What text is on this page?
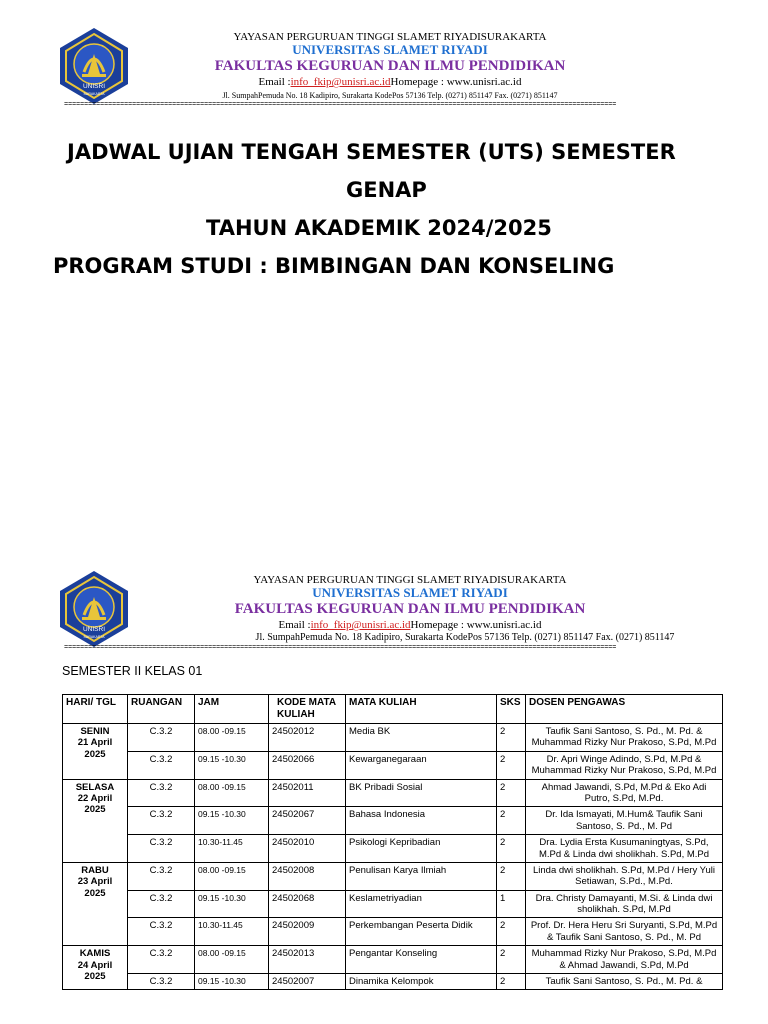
UNISRI
SURAKARTA
YAYASAN PERGURUAN TINGGI SLAMET RIYADISURAKARTA
UNIVERSITAS SLAMET RIYADI
FAKULTAS KEGURUAN DAN ILMU PENDIDIKAN
Email :info_fkip@unisri.ac.idHomepage : www.unisri.ac.id
Jl. SumpahPemuda No. 18 Kadipiro, Surakarta KodePos 57136 Telp. (0271) 851147 Fax. (0271) 851147
==========================================================================================================================================
JADWAL UJIAN TENGAH SEMESTER (UTS) SEMESTER
GENAP
TAHUN AKADEMIK 2024/2025
PROGRAM STUDI : BIMBINGAN DAN KONSELING
UNISRI
SURAKARTA
YAYASAN PERGURUAN TINGGI SLAMET RIYADISURAKARTA
UNIVERSITAS SLAMET RIYADI
FAKULTAS KEGURUAN DAN ILMU PENDIDIKAN
Email :info_fkip@unisri.ac.idHomepage : www.unisri.ac.id
Jl. SumpahPemuda No. 18 Kadipiro, Surakarta KodePos 57136 Telp. (0271) 851147 Fax. (0271) 851147
==========================================================================================================================================
SEMESTER II KELAS 01
HARI/ TGL	RUANGAN	JAM	KODE MATA KULIAH	MATA KULIAH	SKS	DOSEN PENGAWAS
SENIN
21 April 2025	C.3.2	08.00 -09.15	24502012	Media BK	2	Taufik Sani Santoso, S. Pd., M. Pd. & Muhammad Rizky Nur Prakoso, S.Pd, M.Pd
	C.3.2	09.15 -10.30	24502066	Kewarganegaraan	2	Dr. Apri Winge Adindo, S.Pd, M.Pd & Muhammad Rizky Nur Prakoso, S.Pd, M.Pd
SELASA
22 April 2025	C.3.2	08.00 -09.15	24502011	BK Pribadi Sosial	2	Ahmad Jawandi, S.Pd, M.Pd & Eko Adi Putro, S.Pd, M.Pd.
	C.3.2	09.15 -10.30	24502067	Bahasa Indonesia	2	Dr. Ida Ismayati, M.Hum& Taufik Sani Santoso, S. Pd., M. Pd
	C.3.2	10.30-11.45	24502010	Psikologi Kepribadian	2	Dra. Lydia Ersta Kusumaningtyas, S.Pd, M.Pd & Linda dwi sholikhah. S.Pd, M.Pd
RABU
23 April 2025	C.3.2	08.00 -09.15	24502008	Penulisan Karya Ilmiah	2	Linda dwi sholikhah. S.Pd, M.Pd / Hery Yuli Setiawan, S.Pd., M.Pd.
	C.3.2	09.15 -10.30	24502068	Keslametriyadian	1	Dra. Christy Damayanti, M.Si. & Linda dwi sholikhah. S.Pd, M.Pd
	C.3.2	10.30-11.45	24502009	Perkembangan Peserta Didik	2	Prof. Dr. Hera Heru Sri Suryanti, S.Pd, M.Pd & Taufik Sani Santoso, S. Pd., M. Pd
KAMIS
24 April 2025	C.3.2	08.00 -09.15	24502013	Pengantar Konseling	2	Muhammad Rizky Nur Prakoso, S.Pd, M.Pd & Ahmad Jawandi, S.Pd, M.Pd
	C.3.2	09.15 -10.30	24502007	Dinamika Kelompok	2	Taufik Sani Santoso, S. Pd., M. Pd. &
